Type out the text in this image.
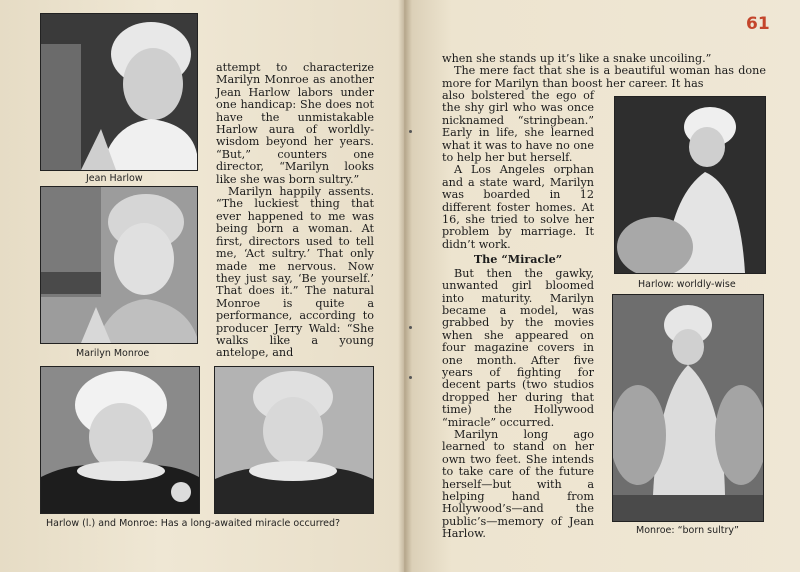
Jean Harlow
Marilyn Monroe
Harlow (l.) and Monroe: Has a long-awaited miracle occurred?

attempt to characterize Marilyn Monroe as another Jean Harlow labors under one handicap: She does not have the unmistakable Harlow aura of worldly-wisdom beyond her years. “But,” counters one director, “Marilyn looks like she was born sultry.”

Marilyn happily assents. “The luckiest thing that ever happened to me was being born a woman. At first, directors used to tell me, ‘Act sultry.’ That only made me nervous. Now they just say, ‘Be yourself.’ That does it.” The natural Monroe is quite a performance, according to producer Jerry Wald: “She walks like a young antelope, and

61

when she stands up it’s like a snake uncoiling.”

The mere fact that she is a beautiful woman has done more for Marilyn than boost her career. It has

also bolstered the ego of the shy girl who was once nicknamed “stringbean.” Early in life, she learned what it was to have no one to help her but herself.

A Los Angeles orphan and a state ward, Marilyn was boarded in 12 different foster homes. At 16, she tried to solve her problem by marriage. It didn’t work.

The “Miracle”

But then the gawky, unwanted girl bloomed into maturity. Marilyn became a model, was grabbed by the movies when she appeared on four magazine covers in one month. After five years of fighting for decent parts (two studios dropped her during that time) the Hollywood “miracle” occurred.

Marilyn long ago learned to stand on her own two feet. She intends to take care of the future herself—but with a helping hand from Hollywood’s—and the public’s—memory of Jean Harlow.

Harlow: worldly-wise
Monroe: “born sultry”
